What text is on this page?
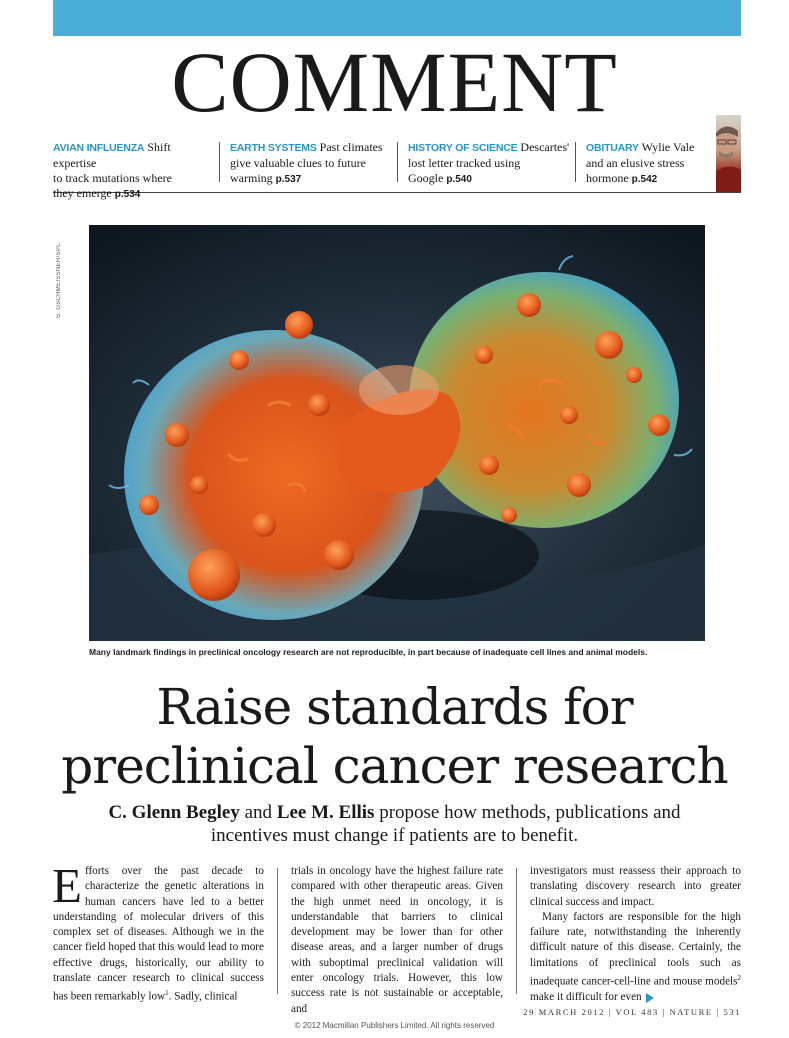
COMMENT
AVIAN INFLUENZA Shift expertise
to track mutations where
they emerge p.534
EARTH SYSTEMS Past climates
give valuable clues to future
warming p.537
HISTORY OF SCIENCE Descartes'
lost letter tracked using
Google p.540
OBITUARY Wylie Vale
and an elusive stress
hormone p.542
S. GSCHMEISSNER/SPL
Many landmark findings in preclinical oncology research are not reproducible, in part because of inadequate cell lines and animal models.
Raise standards for
preclinical cancer research
C. Glenn Begley and Lee M. Ellis propose how methods, publications and
incentives must change if patients are to benefit.

Efforts over the past decade to characterize the genetic alterations in human cancers have led to a better understanding of molecular drivers of this complex set of diseases. Although we in the cancer field hoped that this would lead to more effective drugs, historically, our ability to translate cancer research to clinical success has been remarkably low$^1$. Sadly, clinical

trials in oncology have the highest failure rate compared with other therapeutic areas. Given the high unmet need in oncology, it is understandable that barriers to clinical development may be lower than for other disease areas, and a larger number of drugs with suboptimal preclinical validation will enter oncology trials. However, this low success rate is not sustainable or acceptable, and

investigators must reassess their approach to translating discovery research into greater clinical success and impact.

Many factors are responsible for the high failure rate, notwithstanding the inherently difficult nature of this disease. Certainly, the limitations of preclinical tools such as inadequate cancer-cell-line and mouse models$^2$ make it difficult for even

29 MARCH 2012 | VOL 483 | NATURE | 531
© 2012 Macmillan Publishers Limited. All rights reserved
